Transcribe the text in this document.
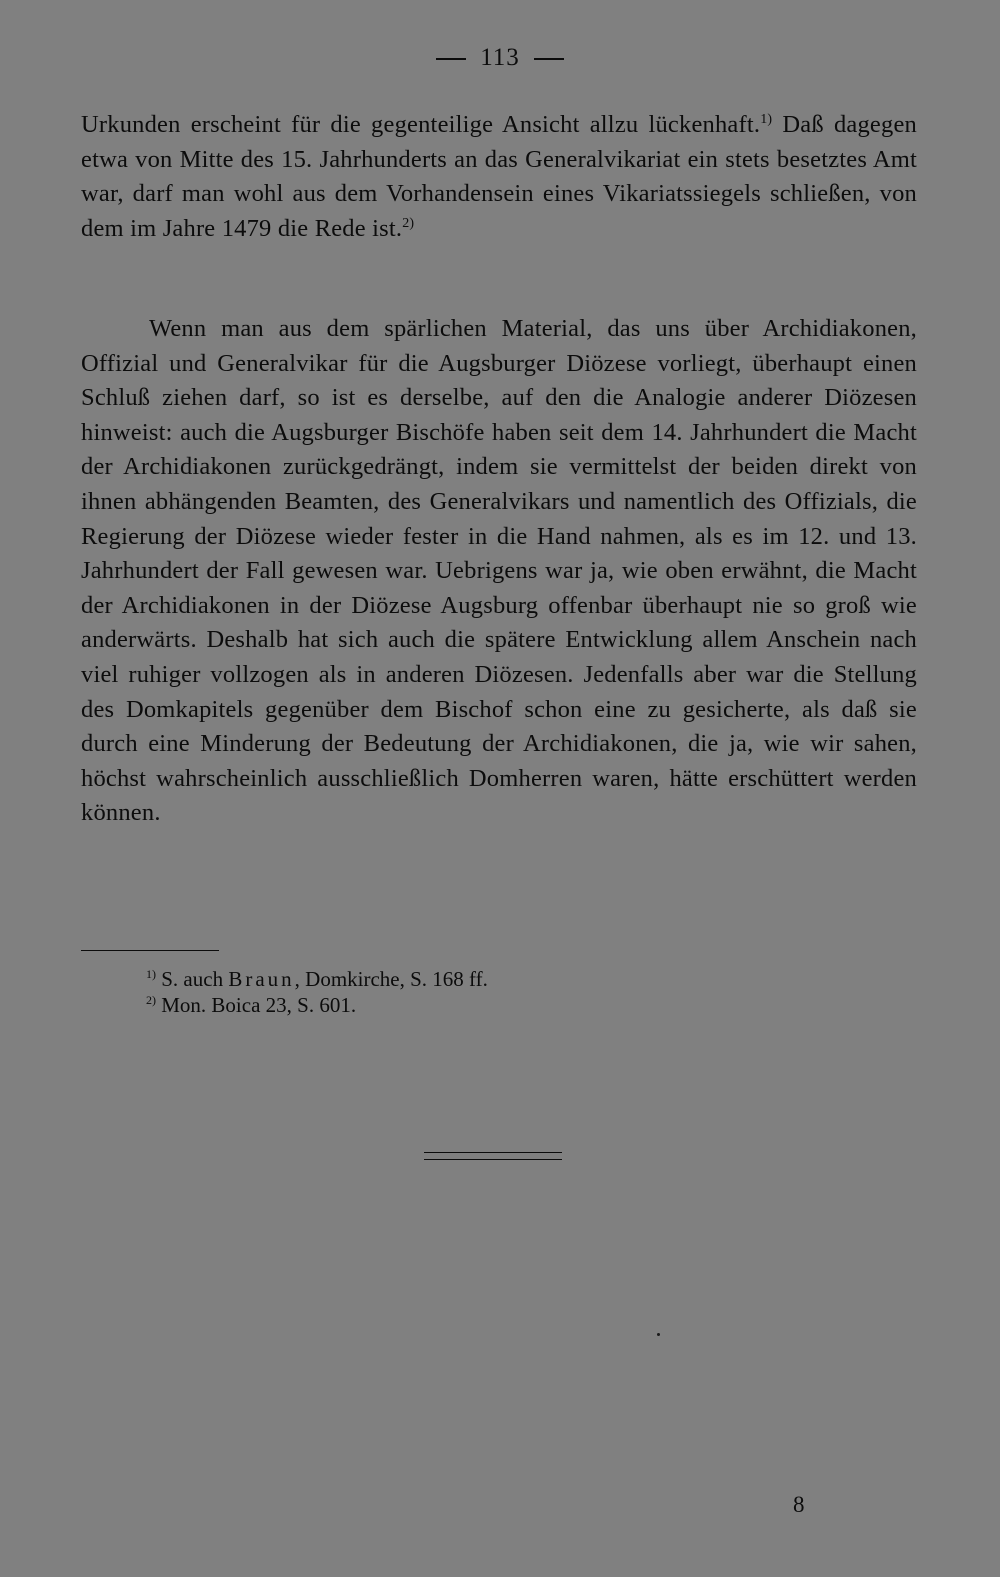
113
Urkunden erscheint für die gegenteilige Ansicht allzu lückenhaft.$^{1)}$ Daß dagegen etwa von Mitte des 15. Jahrhunderts an das Generalvikariat ein stets besetztes Amt war, darf man wohl aus dem Vorhandensein eines Vikariatssiegels schließen, von dem im Jahre 1479 die Rede ist.$^{2)}$
Wenn man aus dem spärlichen Material, das uns über Archidiakonen, Offizial und Generalvikar für die Augsburger Diözese vorliegt, überhaupt einen Schluß ziehen darf, so ist es derselbe, auf den die Analogie anderer Diözesen hinweist: auch die Augsburger Bischöfe haben seit dem 14. Jahrhundert die Macht der Archidiakonen zurückgedrängt, indem sie vermittelst der beiden direkt von ihnen abhängenden Beamten, des Generalvikars und namentlich des Offizials, die Regierung der Diözese wieder fester in die Hand nahmen, als es im 12. und 13. Jahrhundert der Fall gewesen war. Uebrigens war ja, wie oben erwähnt, die Macht der Archidiakonen in der Diözese Augsburg offenbar überhaupt nie so groß wie anderwärts. Deshalb hat sich auch die spätere Entwicklung allem Anschein nach viel ruhiger vollzogen als in anderen Diözesen. Jedenfalls aber war die Stellung des Domkapitels gegenüber dem Bischof schon eine zu gesicherte, als daß sie durch eine Minderung der Bedeutung der Archidiakonen, die ja, wie wir sahen, höchst wahrscheinlich ausschließlich Domherren waren, hätte erschüttert werden können.
$^{1)}$ S. auch Braun, Domkirche, S. 168 ff.
$^{2)}$ Mon. Boica 23, S. 601.
8
